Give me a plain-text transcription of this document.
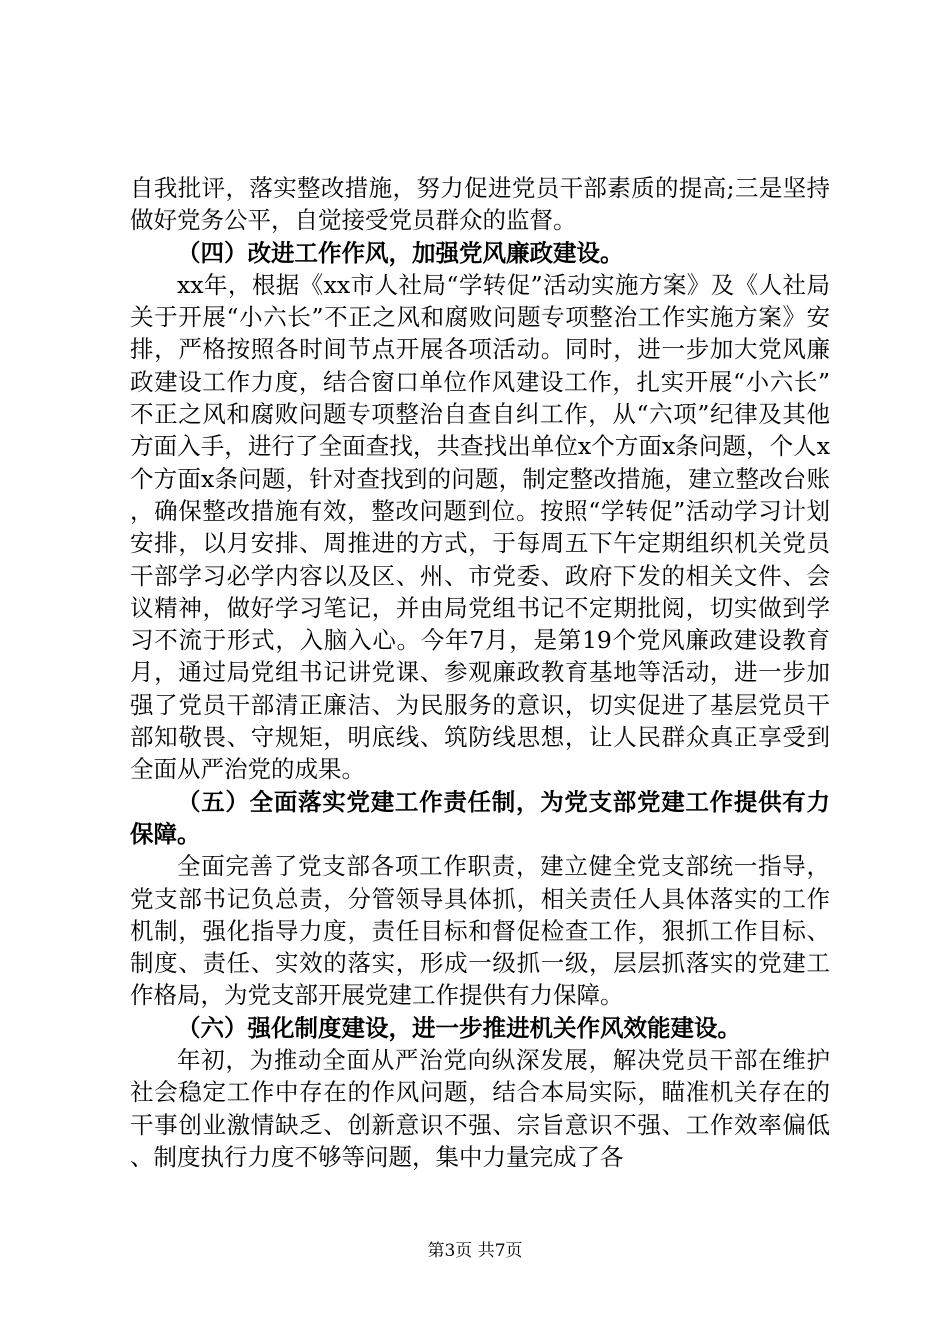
自我批评，落实整改措施，努力促进党员干部素质的提高;三是坚持做好党务公平，自觉接受党员群众的监督。

（四）改进工作作风，加强党风廉政建设。

xx年，根据《xx市人社局“学转促”活动实施方案》及《人社局关于开展“小六长”不正之风和腐败问题专项整治工作实施方案》安排，严格按照各时间节点开展各项活动。同时，进一步加大党风廉政建设工作力度，结合窗口单位作风建设工作，扎实开展“小六长”不正之风和腐败问题专项整治自查自纠工作，从“六项”纪律及其他方面入手，进行了全面查找，共查找出单位x个方面x条问题，个人x个方面x条问题，针对查找到的问题，制定整改措施，建立整改台账，确保整改措施有效，整改问题到位。按照“学转促”活动学习计划安排，以月安排、周推进的方式，于每周五下午定期组织机关党员干部学习必学内容以及区、州、市党委、政府下发的相关文件、会议精神，做好学习笔记，并由局党组书记不定期批阅，切实做到学习不流于形式，入脑入心。今年7月，是第19个党风廉政建设教育月，通过局党组书记讲党课、参观廉政教育基地等活动，进一步加强了党员干部清正廉洁、为民服务的意识，切实促进了基层党员干部知敬畏、守规矩，明底线、筑防线思想，让人民群众真正享受到全面从严治党的成果。

（五）全面落实党建工作责任制，为党支部党建工作提供有力保障。

全面完善了党支部各项工作职责，建立健全党支部统一指导，党支部书记负总责，分管领导具体抓，相关责任人具体落实的工作机制，强化指导力度，责任目标和督促检查工作，狠抓工作目标、制度、责任、实效的落实，形成一级抓一级，层层抓落实的党建工作格局，为党支部开展党建工作提供有力保障。

（六）强化制度建设，进一步推进机关作风效能建设。

年初，为推动全面从严治党向纵深发展，解决党员干部在维护社会稳定工作中存在的作风问题，结合本局实际，瞄准机关存在的干事创业激情缺乏、创新意识不强、宗旨意识不强、工作效率偏低、制度执行力度不够等问题，集中力量完成了各

第3页 共7页
